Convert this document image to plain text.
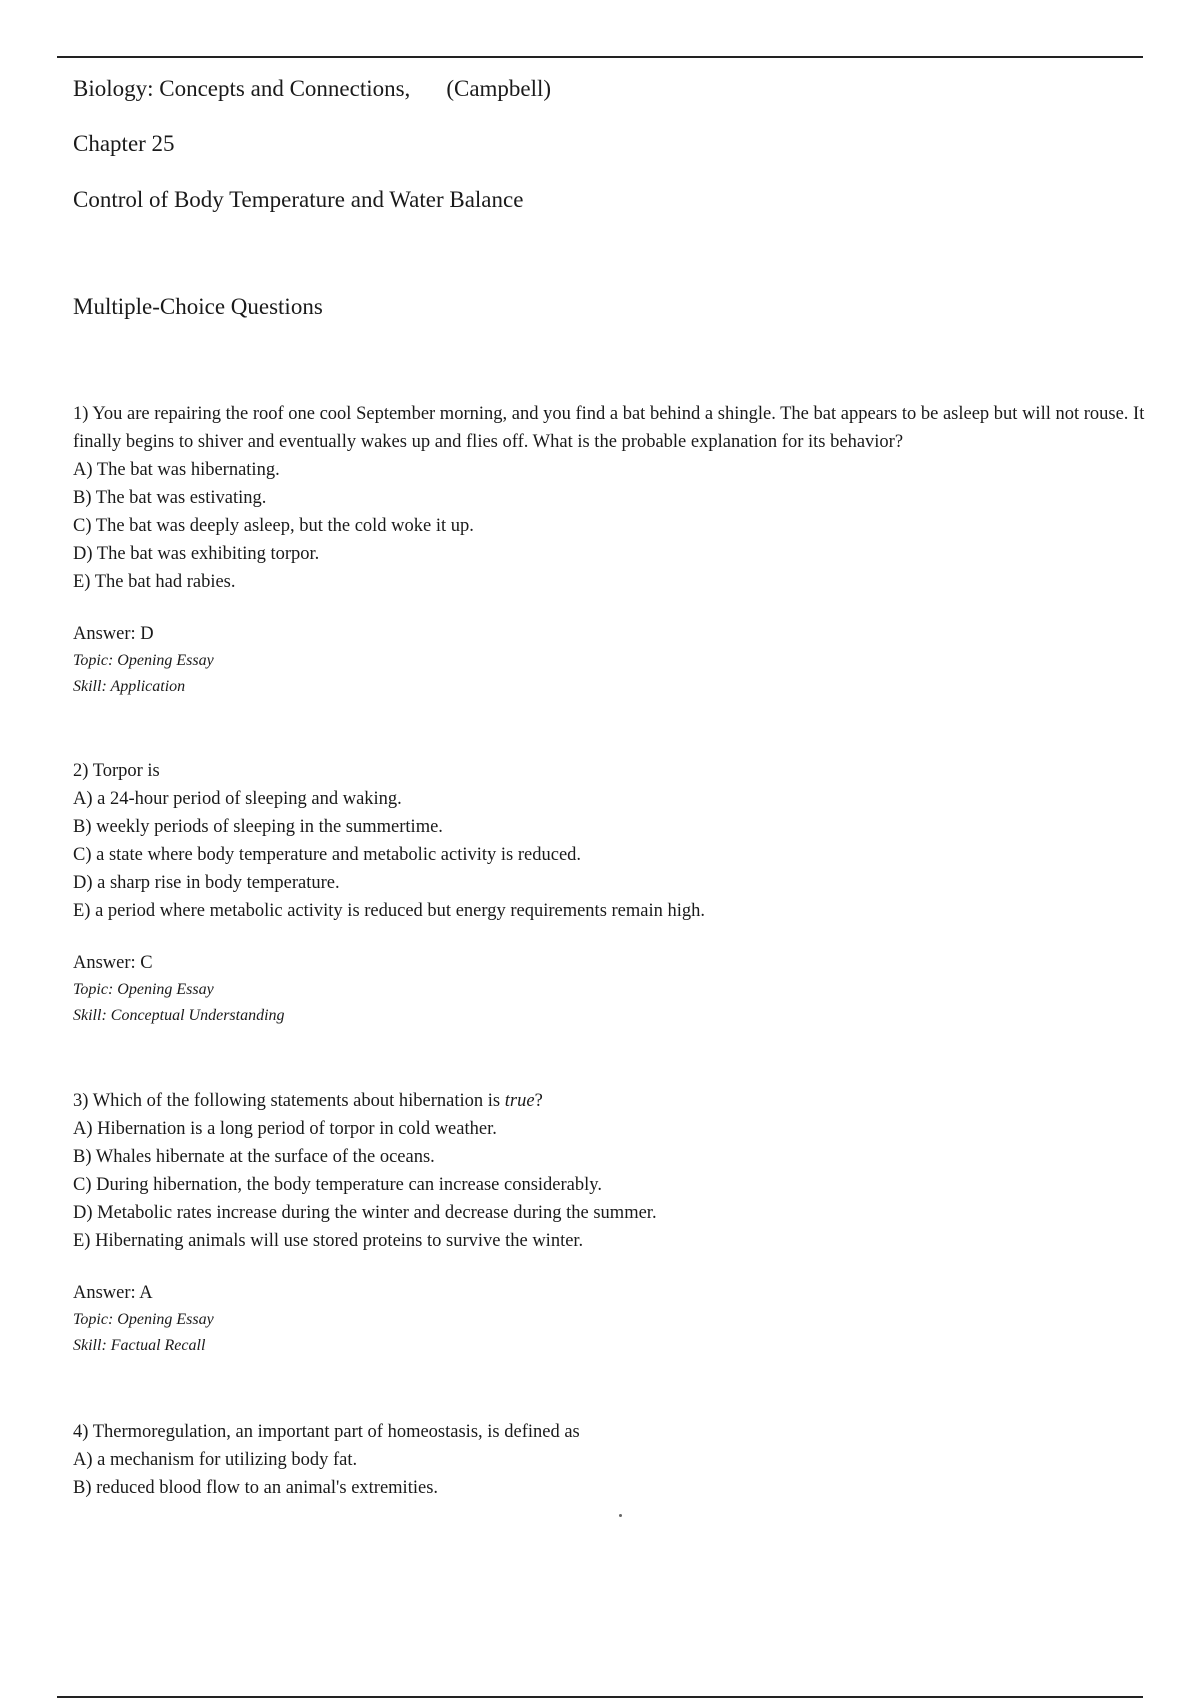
Biology: Concepts and Connections, (Campbell)
Chapter 25
Control of Body Temperature and Water Balance
Multiple-Choice Questions

1) You are repairing the roof one cool September morning, and you find a bat behind a shingle. The bat appears to be asleep but will not rouse. It finally begins to shiver and eventually wakes up and flies off. What is the probable explanation for its behavior?

A) The bat was hibernating.

B) The bat was estivating.

C) The bat was deeply asleep, but the cold woke it up.

D) The bat was exhibiting torpor.

E) The bat had rabies.

Answer: D
Topic: Opening Essay
Skill: Application

2) Torpor is

A) a 24-hour period of sleeping and waking.

B) weekly periods of sleeping in the summertime.

C) a state where body temperature and metabolic activity is reduced.

D) a sharp rise in body temperature.

E) a period where metabolic activity is reduced but energy requirements remain high.

Answer: C
Topic: Opening Essay
Skill: Conceptual Understanding

3) Which of the following statements about hibernation is true?

A) Hibernation is a long period of torpor in cold weather.

B) Whales hibernate at the surface of the oceans.

C) During hibernation, the body temperature can increase considerably.

D) Metabolic rates increase during the winter and decrease during the summer.

E) Hibernating animals will use stored proteins to survive the winter.

Answer: A
Topic: Opening Essay
Skill: Factual Recall

4) Thermoregulation, an important part of homeostasis, is defined as

A) a mechanism for utilizing body fat.

B) reduced blood flow to an animal's extremities.
